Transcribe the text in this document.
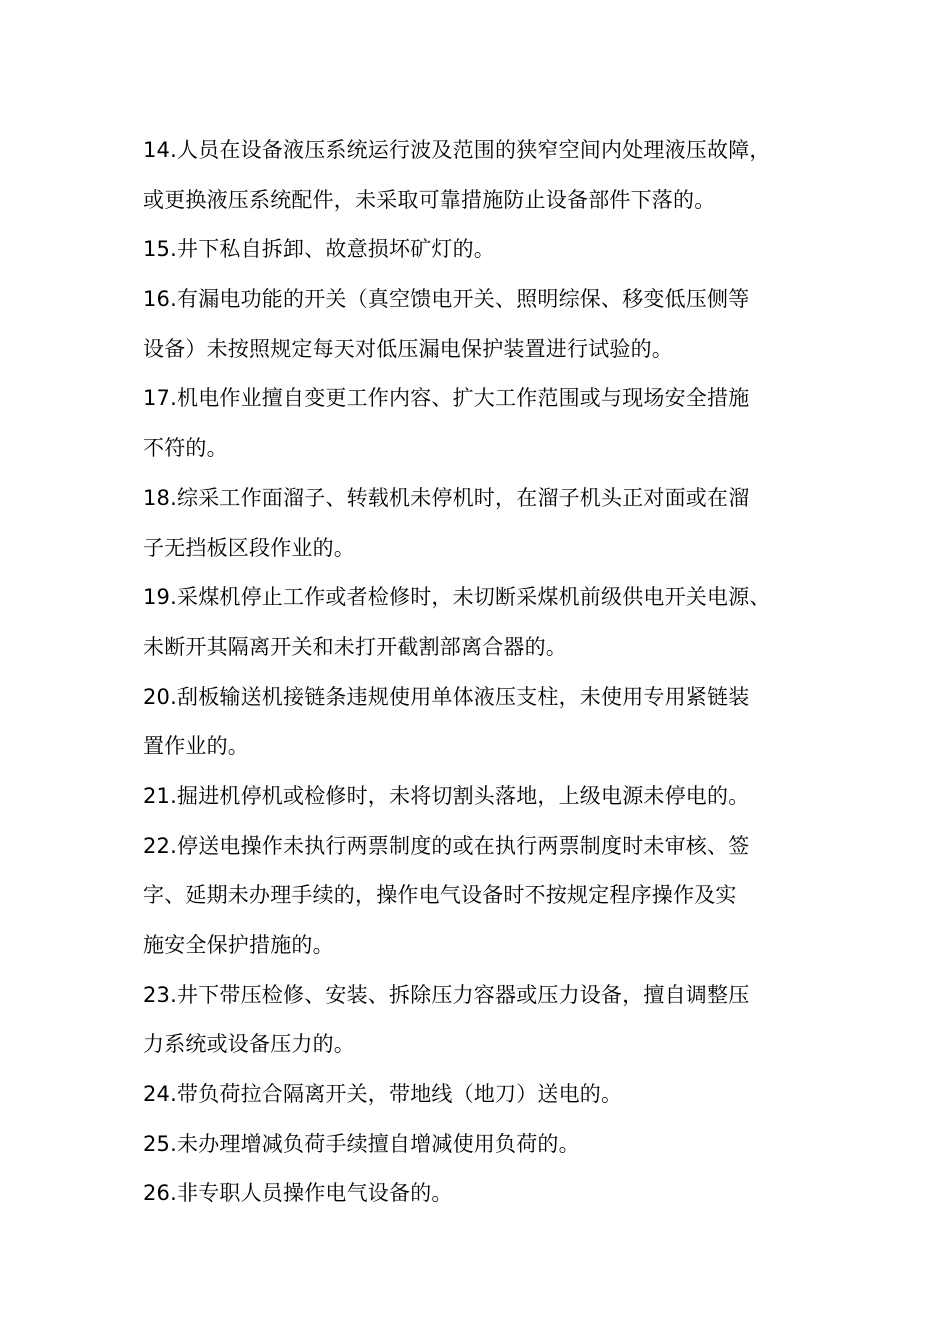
14.人员在设备液压系统运行波及范围的狭窄空间内处理液压故障，
或更换液压系统配件，未采取可靠措施防止设备部件下落的。
15.井下私自拆卸、故意损坏矿灯的。
16.有漏电功能的开关（真空馈电开关、照明综保、移变低压侧等
设备）未按照规定每天对低压漏电保护装置进行试验的。
17.机电作业擅自变更工作内容、扩大工作范围或与现场安全措施
不符的。
18.综采工作面溜子、转载机未停机时，在溜子机头正对面或在溜
子无挡板区段作业的。
19.采煤机停止工作或者检修时，未切断采煤机前级供电开关电源、
未断开其隔离开关和未打开截割部离合器的。
20.刮板输送机接链条违规使用单体液压支柱，未使用专用紧链装
置作业的。
21.掘进机停机或检修时，未将切割头落地，上级电源未停电的。
22.停送电操作未执行两票制度的或在执行两票制度时未审核、签
字、延期未办理手续的，操作电气设备时不按规定程序操作及实
施安全保护措施的。
23.井下带压检修、安装、拆除压力容器或压力设备，擅自调整压
力系统或设备压力的。
24.带负荷拉合隔离开关，带地线（地刀）送电的。
25.未办理增减负荷手续擅自增减使用负荷的。
26.非专职人员操作电气设备的。
